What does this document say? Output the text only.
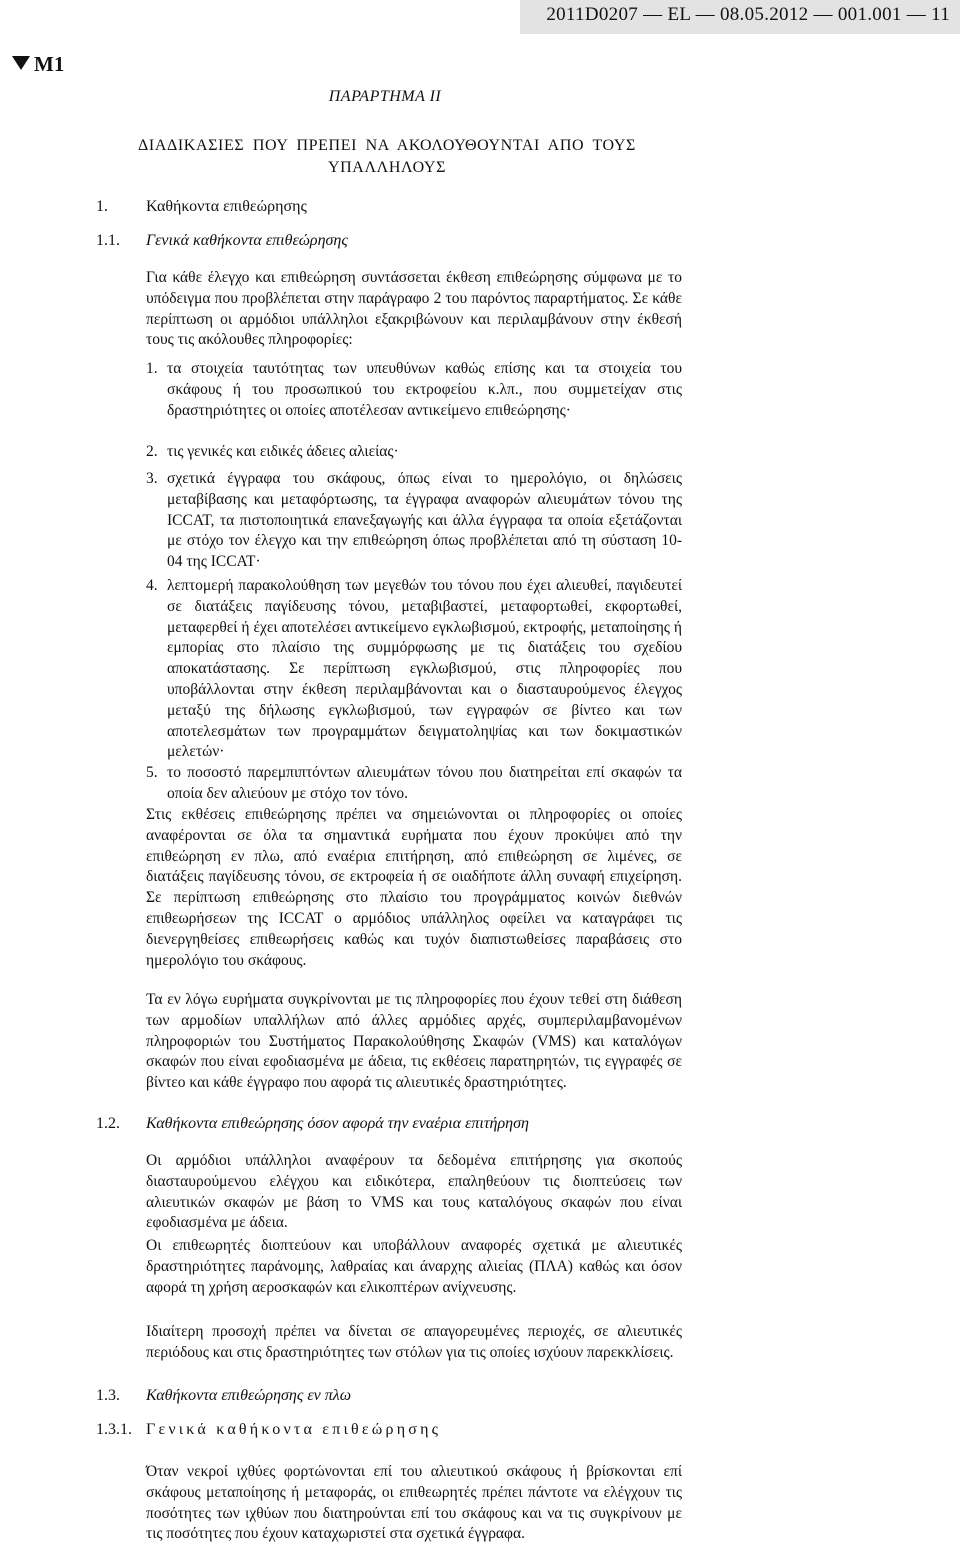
2011D0207 — EL — 08.05.2012 — 001.001 — 11
M1
ΠΑΡΑΡΤΗΜΑ ΙΙ
ΔΙΑΔΙΚΑΣΙΕΣ ΠΟΥ ΠΡΕΠΕΙ ΝΑ ΑΚΟΛΟΥΘΟΥΝΤΑΙ ΑΠΟ ΤΟΥΣ ΥΠΑΛΛΗΛΟΥΣ
1. Καθήκοντα επιθεώρησης
1.1. Γενικά καθήκοντα επιθεώρησης

Για κάθε έλεγχο και επιθεώρηση συντάσσεται έκθεση επιθεώρησης σύμφωνα με το υπόδειγμα που προβλέπεται στην παράγραφο 2 του παρόντος παραρτήματος. Σε κάθε περίπτωση οι αρμόδιοι υπάλληλοι εξακριβώνουν και περιλαμβάνουν στην έκθεσή τους τις ακόλουθες πληροφορίες:

1. τα στοιχεία ταυτότητας των υπευθύνων καθώς επίσης και τα στοιχεία του σκάφους ή του προσωπικού του εκτροφείου κ.λπ., που συμμετείχαν στις δραστηριότητες οι οποίες αποτέλεσαν αντικείμενο επιθεώρησης·

2. τις γενικές και ειδικές άδειες αλιείας·

3. σχετικά έγγραφα του σκάφους, όπως είναι το ημερολόγιο, οι δηλώσεις μεταβίβασης και μεταφόρτωσης, τα έγγραφα αναφορών αλιευμάτων τόνου της ICCAT, τα πιστοποιητικά επανεξαγωγής και άλλα έγγραφα τα οποία εξετάζονται με στόχο τον έλεγχο και την επιθεώρηση όπως προβλέπεται από τη σύσταση 10-04 της ICCAT·

4. λεπτομερή παρακολούθηση των μεγεθών του τόνου που έχει αλιευθεί, παγιδευτεί σε διατάξεις παγίδευσης τόνου, μεταβιβαστεί, μεταφορτωθεί, εκφορτωθεί, μεταφερθεί ή έχει αποτελέσει αντικείμενο εγκλωβισμού, εκτροφής, μεταποίησης ή εμπορίας στο πλαίσιο της συμμόρφωσης με τις διατάξεις του σχεδίου αποκατάστασης. Σε περίπτωση εγκλωβισμού, στις πληροφορίες που υποβάλλονται στην έκθεση περιλαμβάνονται και ο διασταυρούμενος έλεγχος μεταξύ της δήλωσης εγκλωβισμού, των εγγραφών σε βίντεο και των αποτελεσμάτων των προγραμμάτων δειγματοληψίας και των δοκιμαστικών μελετών·

5. το ποσοστό παρεμπιπτόντων αλιευμάτων τόνου που διατηρείται επί σκαφών τα οποία δεν αλιεύουν με στόχο τον τόνο.

Στις εκθέσεις επιθεώρησης πρέπει να σημειώνονται οι πληροφορίες οι οποίες αναφέρονται σε όλα τα σημαντικά ευρήματα που έχουν προκύψει από την επιθεώρηση εν πλω, από εναέρια επιτήρηση, από επιθεώρηση σε λιμένες, σε διατάξεις παγίδευσης τόνου, σε εκτροφεία ή σε οιαδήποτε άλλη συναφή επιχείρηση. Σε περίπτωση επιθεώρησης στο πλαίσιο του προγράμματος κοινών διεθνών επιθεωρήσεων της ICCAT ο αρμόδιος υπάλληλος οφείλει να καταγράφει τις διενεργηθείσες επιθεωρήσεις καθώς και τυχόν διαπιστωθείσες παραβάσεις στο ημερολόγιο του σκάφους.

Τα εν λόγω ευρήματα συγκρίνονται με τις πληροφορίες που έχουν τεθεί στη διάθεση των αρμοδίων υπαλλήλων από άλλες αρμόδιες αρχές, συμπεριλαμβανομένων πληροφοριών του Συστήματος Παρακολούθησης Σκαφών (VMS) και καταλόγων σκαφών που είναι εφοδιασμένα με άδεια, τις εκθέσεις παρατηρητών, τις εγγραφές σε βίντεο και κάθε έγγραφο που αφορά τις αλιευτικές δραστηριότητες.

1.2. Καθήκοντα επιθεώρησης όσον αφορά την εναέρια επιτήρηση

Οι αρμόδιοι υπάλληλοι αναφέρουν τα δεδομένα επιτήρησης για σκοπούς διασταυρούμενου ελέγχου και ειδικότερα, επαληθεύουν τις διοπτεύσεις των αλιευτικών σκαφών με βάση το VMS και τους καταλόγους σκαφών που είναι εφοδιασμένα με άδεια.

Οι επιθεωρητές διοπτεύουν και υποβάλλουν αναφορές σχετικά με αλιευτικές δραστηριότητες παράνομης, λαθραίας και άναρχης αλιείας (ΠΛΑ) καθώς και όσον αφορά τη χρήση αεροσκαφών και ελικοπτέρων ανίχνευσης.

Ιδιαίτερη προσοχή πρέπει να δίνεται σε απαγορευμένες περιοχές, σε αλιευτικές περιόδους και στις δραστηριότητες των στόλων για τις οποίες ισχύουν παρεκκλίσεις.

1.3. Καθήκοντα επιθεώρησης εν πλω
1.3.1. Γενικά καθήκοντα επιθεώρησης

Όταν νεκροί ιχθύες φορτώνονται επί του αλιευτικού σκάφους ή βρίσκονται επί σκάφους μεταποίησης ή μεταφοράς, οι επιθεωρητές πρέπει πάντοτε να ελέγχουν τις ποσότητες των ιχθύων που διατηρούνται επί του σκάφους και να τις συγκρίνουν με τις ποσότητες που έχουν καταχωριστεί στα σχετικά έγγραφα.
